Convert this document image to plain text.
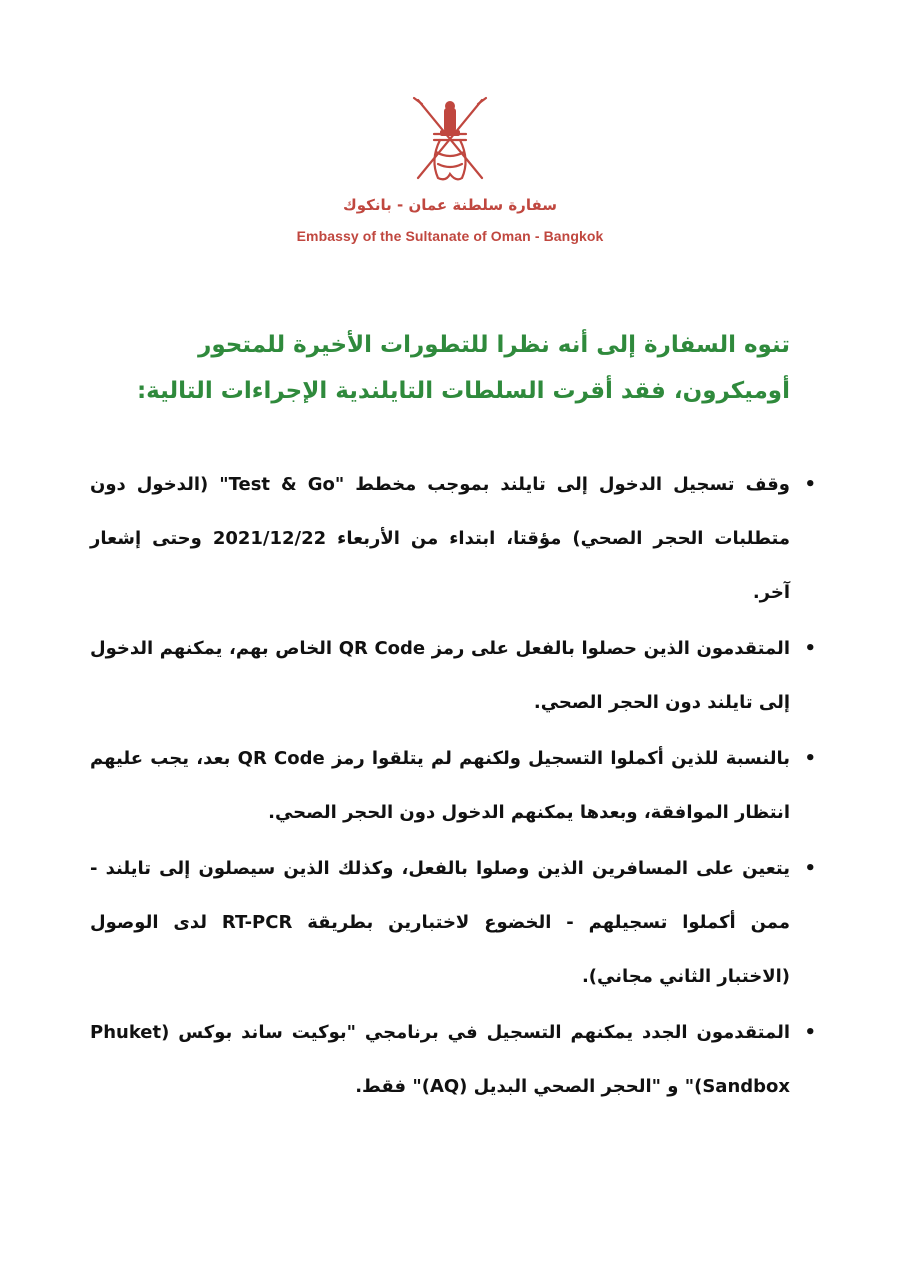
سفارة سلطنة عمان - بانكوك
Embassy of the Sultanate of Oman - Bangkok
تنوه السفارة إلى أنه نظرا للتطورات الأخيرة للمتحور أوميكرون، فقد أقرت السلطات التايلندية الإجراءات التالية:
•
وقف تسجيل الدخول إلى تايلند بموجب مخطط "Test & Go" (الدخول دون متطلبات الحجر الصحي) مؤقتا، ابتداء من الأربعاء 2021/12/22 وحتى إشعار آخر.
•
المتقدمون الذين حصلوا بالفعل على رمز QR Code الخاص بهم، يمكنهم الدخول إلى تايلند دون الحجر الصحي.
•
بالنسبة للذين أكملوا التسجيل ولكنهم لم يتلقوا رمز QR Code بعد، يجب عليهم انتظار الموافقة، وبعدها يمكنهم الدخول دون الحجر الصحي.
•
يتعين على المسافرين الذين وصلوا بالفعل، وكذلك الذين سيصلون إلى تايلند - ممن أكملوا تسجيلهم - الخضوع لاختبارين بطريقة RT-PCR لدى الوصول (الاختبار الثاني مجاني).
•
المتقدمون الجدد يمكنهم التسجيل في برنامجي "بوكيت ساند بوكس (Phuket Sandbox)" و "الحجر الصحي البديل (AQ)" فقط.
